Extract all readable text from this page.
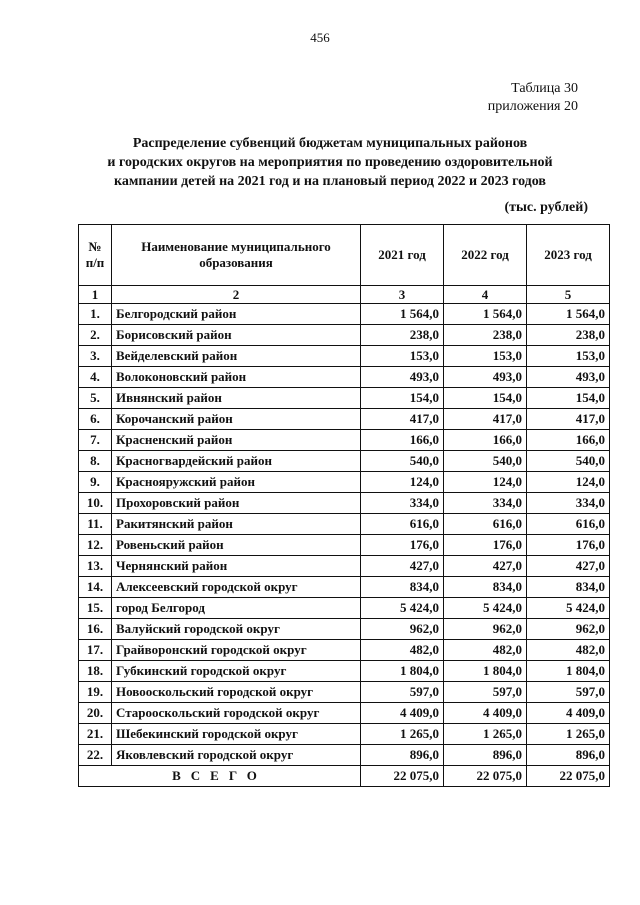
456
Таблица 30
приложения 20
Распределение субвенций бюджетам муниципальных районов
и городских округов на мероприятия по проведению оздоровительной
кампании детей на 2021 год и на плановый период 2022 и 2023 годов
(тыс. рублей)
№ п/п	Наименование муниципального образования	2021 год	2022 год	2023 год
1	2	3	4	5
1.	Белгородский район	1 564,0	1 564,0	1 564,0
2.	Борисовский район	238,0	238,0	238,0
3.	Вейделевский район	153,0	153,0	153,0
4.	Волоконовский район	493,0	493,0	493,0
5.	Ивнянский район	154,0	154,0	154,0
6.	Корочанский район	417,0	417,0	417,0
7.	Красненский район	166,0	166,0	166,0
8.	Красногвардейский район	540,0	540,0	540,0
9.	Краснояружский район	124,0	124,0	124,0
10.	Прохоровский район	334,0	334,0	334,0
11.	Ракитянский район	616,0	616,0	616,0
12.	Ровеньский район	176,0	176,0	176,0
13.	Чернянский район	427,0	427,0	427,0
14.	Алексеевский городской округ	834,0	834,0	834,0
15.	город Белгород	5 424,0	5 424,0	5 424,0
16.	Валуйский городской округ	962,0	962,0	962,0
17.	Грайворонский городской округ	482,0	482,0	482,0
18.	Губкинский городской округ	1 804,0	1 804,0	1 804,0
19.	Новооскольский городской округ	597,0	597,0	597,0
20.	Старооскольский городской округ	4 409,0	4 409,0	4 409,0
21.	Шебекинский городской округ	1 265,0	1 265,0	1 265,0
22.	Яковлевский городской округ	896,0	896,0	896,0
ВСЕГО		22 075,0	22 075,0	22 075,0
